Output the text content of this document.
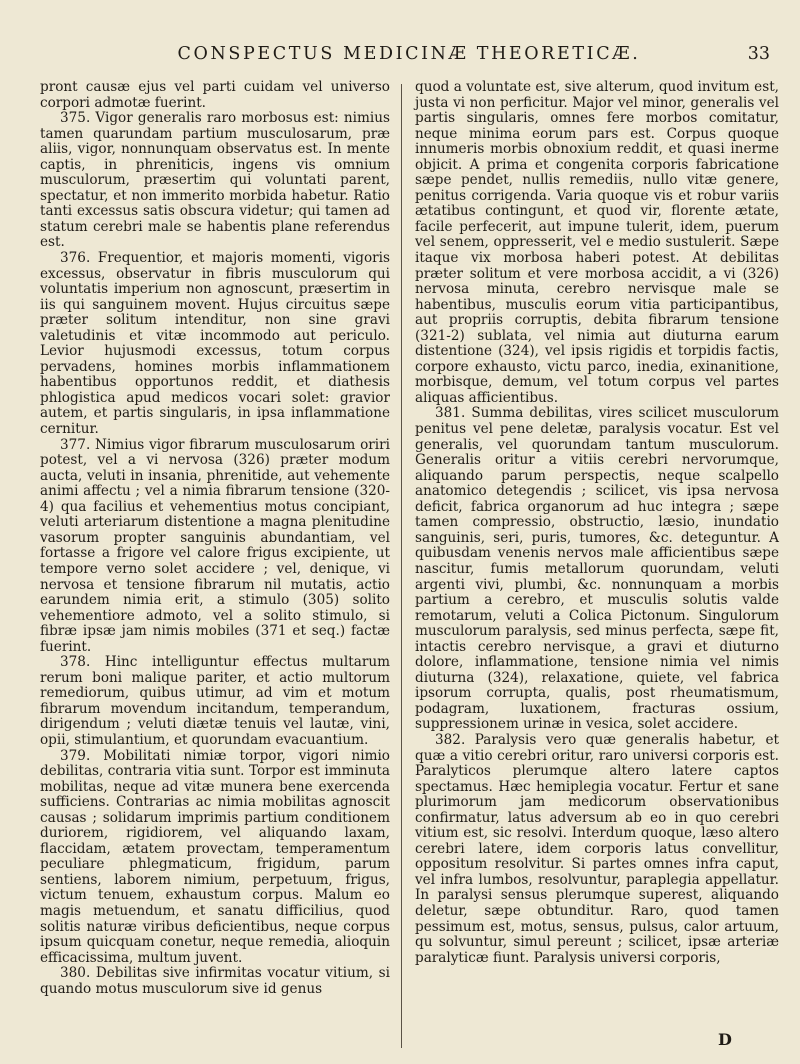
CONSPECTUS MEDICINÆ THEORETICÆ.	33

pront causæ ejus vel parti cuidam vel universo corpori admotæ fuerint.

375. Vigor generalis raro morbosus est: nimius tamen quarundam partium musculosarum, præ aliis, vigor, nonnunquam observatus est. In mente captis, in phreniticis, ingens vis omnium musculorum, præsertim qui voluntati parent, spectatur, et non immerito morbida habetur. Ratio tanti excessus satis obscura videtur; qui tamen ad statum cerebri male se habentis plane referendus est.

376. Frequentior, et majoris momenti, vigoris excessus, observatur in fibris musculorum qui voluntatis imperium non agnoscunt, præsertim in iis qui sanguinem movent. Hujus circuitus sæpe præter solitum intenditur, non sine gravi valetudinis et vitæ incommodo aut periculo. Levior hujusmodi excessus, totum corpus pervadens, homines morbis inflammationem habentibus opportunos reddit, et diathesis phlogistica apud medicos vocari solet: gravior autem, et partis singularis, in ipsa inflammatione cernitur.

377. Nimius vigor fibrarum musculosarum oriri potest, vel a vi nervosa (326) præter modum aucta, veluti in insania, phrenitide, aut vehemente animi affectu ; vel a nimia fibrarum tensione (320-4) qua facilius et vehementius motus concipiant, veluti arteriarum distentione a magna plenitudine vasorum propter sanguinis abundantiam, vel fortasse a frigore vel calore frigus excipiente, ut tempore verno solet accidere ; vel, denique, vi nervosa et tensione fibrarum nil mutatis, actio earundem nimia erit, a stimulo (305) solito vehementiore admoto, vel a solito stimulo, si fibræ ipsæ jam nimis mobiles (371 et seq.) factæ fuerint.

378. Hinc intelliguntur effectus multarum rerum boni malique pariter, et actio multorum remediorum, quibus utimur, ad vim et motum fibrarum movendum incitandum, temperandum, dirigendum ; veluti diætæ tenuis vel lautæ, vini, opii, stimulantium, et quorundam evacuantium.

379. Mobilitati nimiæ torpor, vigori nimio debilitas, contraria vitia sunt. Torpor est imminuta mobilitas, neque ad vitæ munera bene exercenda sufficiens. Contrarias ac nimia mobilitas agnoscit causas ; solidarum imprimis partium conditionem duriorem, rigidiorem, vel aliquando laxam, flaccidam, ætatem provectam, temperamentum peculiare phlegmaticum, frigidum, parum sentiens, laborem nimium, perpetuum, frigus, victum tenuem, exhaustum corpus. Malum eo magis metuendum, et sanatu difficilius, quod solitis naturæ viribus deficientibus, neque corpus ipsum quicquam conetur, neque remedia, alioquin efficacissima, multum juvent.

380. Debilitas sive infirmitas vocatur vitium, si quando motus musculorum sive id genus

quod a voluntate est, sive alterum, quod invitum est, justa vi non perficitur. Major vel minor, generalis vel partis singularis, omnes fere morbos comitatur, neque minima eorum pars est. Corpus quoque innumeris morbis obnoxium reddit, et quasi inerme objicit. A prima et congenita corporis fabricatione sæpe pendet, nullis remediis, nullo vitæ genere, penitus corrigenda. Varia quoque vis et robur variis ætatibus contingunt, et quod vir, florente ætate, facile perfecerit, aut impune tulerit, idem, puerum vel senem, oppresserit, vel e medio sustulerit. Sæpe itaque vix morbosa haberi potest. At debilitas præter solitum et vere morbosa accidit, a vi (326) nervosa minuta, cerebro nervisque male se habentibus, musculis eorum vitia participantibus, aut propriis corruptis, debita fibrarum tensione (321-2) sublata, vel nimia aut diuturna earum distentione (324), vel ipsis rigidis et torpidis factis, corpore exhausto, victu parco, inedia, exinanitione, morbisque, demum, vel totum corpus vel partes aliquas afficientibus.

381. Summa debilitas, vires scilicet musculorum penitus vel pene deletæ, paralysis vocatur. Est vel generalis, vel quorundam tantum musculorum. Generalis oritur a vitiis cerebri nervorumque, aliquando parum perspectis, neque scalpello anatomico detegendis ; scilicet, vis ipsa nervosa deficit, fabrica organorum ad huc integra ; sæpe tamen compressio, obstructio, læsio, inundatio sanguinis, seri, puris, tumores, &c. deteguntur. A quibusdam venenis nervos male afficientibus sæpe nascitur, fumis metallorum quorundam, veluti argenti vivi, plumbi, &c. nonnunquam a morbis partium a cerebro, et musculis solutis valde remotarum, veluti a Colica Pictonum. Singulorum musculorum paralysis, sed minus perfecta, sæpe fit, intactis cerebro nervisque, a gravi et diuturno dolore, inflammatione, tensione nimia vel nimis diuturna (324), relaxatione, quiete, vel fabrica ipsorum corrupta, qualis, post rheumatismum, podagram, luxationem, fracturas ossium, suppressionem urinæ in vesica, solet accidere.

382. Paralysis vero quæ generalis habetur, et quæ a vitio cerebri oritur, raro universi corporis est. Paralyticos plerumque altero latere captos spectamus. Hæc hemiplegia vocatur. Fertur et sane plurimorum jam medicorum observationibus confirmatur, latus adversum ab eo in quo cerebri vitium est, sic resolvi. Interdum quoque, læso altero cerebri latere, idem corporis latus convellitur, oppositum resolvitur. Si partes omnes infra caput, vel infra lumbos, resolvuntur, paraplegia appellatur. In paralysi sensus plerumque superest, aliquando deletur, sæpe obtunditur. Raro, quod tamen pessimum est, motus, sensus, pulsus, calor artuum, qu solvuntur, simul pereunt ; scilicet, ipsæ arteriæ paralyticæ fiunt. Paralysis universi corporis,

D
